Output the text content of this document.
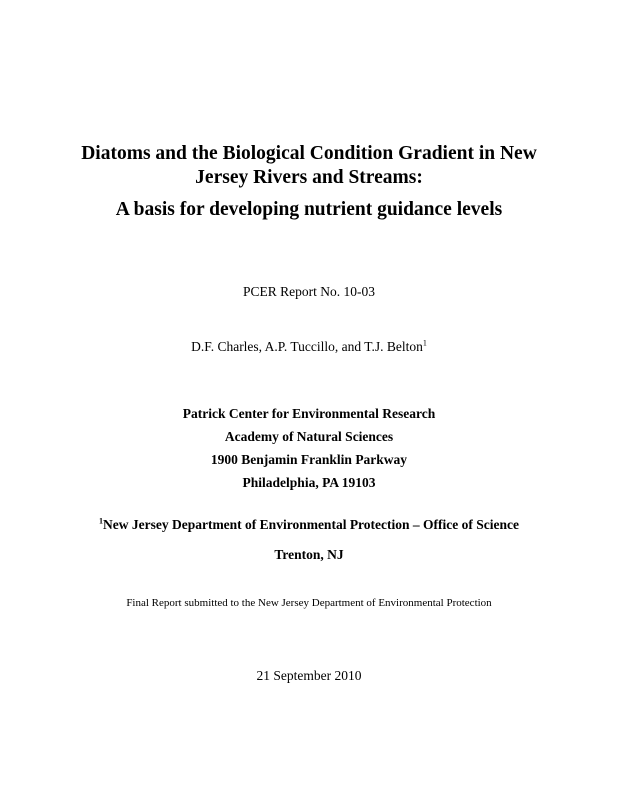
Diatoms and the Biological Condition Gradient in New
Jersey Rivers and Streams:
A basis for developing nutrient guidance levels
PCER Report No. 10-03
D.F. Charles, A.P. Tuccillo, and T.J. Belton$^1$
Patrick Center for Environmental Research
Academy of Natural Sciences
1900 Benjamin Franklin Parkway
Philadelphia, PA 19103
$^1$New Jersey Department of Environmental Protection – Office of Science
Trenton, NJ
Final Report submitted to the New Jersey Department of Environmental Protection
21 September 2010
